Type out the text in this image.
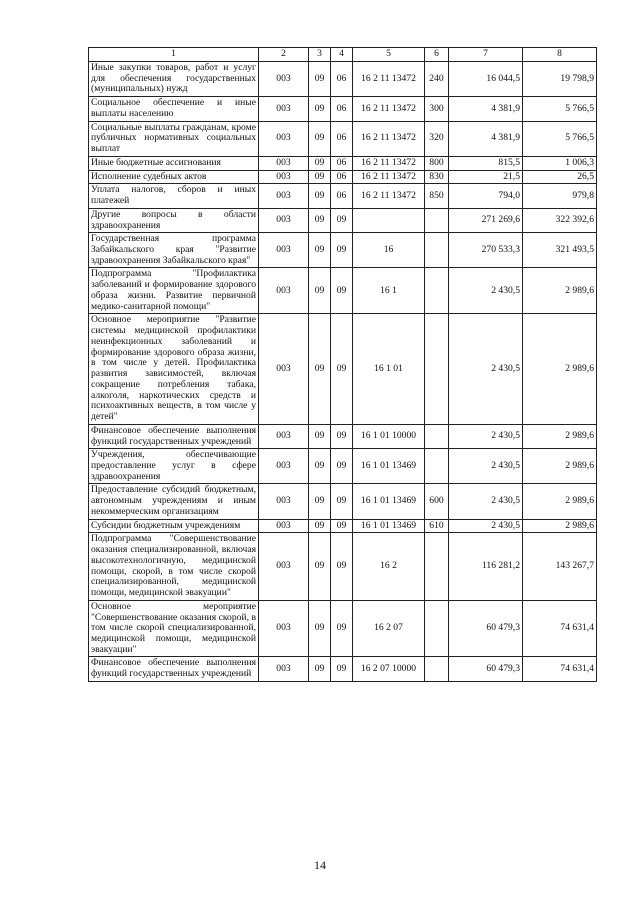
1	2	3	4	5	6	7	8
Иные закупки товаров, работ и услуг для обеспечения государственных (муниципальных) нужд	003	09	06	16 2 11 13472	240	16 044,5	19 798,9
Социальное обеспечение и иные выплаты населению	003	09	06	16 2 11 13472	300	4 381,9	5 766,5
Социальные выплаты гражданам, кроме публичных нормативных социальных выплат	003	09	06	16 2 11 13472	320	4 381,9	5 766,5
Иные бюджетные ассигнования	003	09	06	16 2 11 13472	800	815,5	1 006,3
Исполнение судебных актов	003	09	06	16 2 11 13472	830	21,5	26,5
Уплата налогов, сборов и иных платежей	003	09	06	16 2 11 13472	850	794,0	979,8
Другие вопросы в области здравоохранения	003	09	09			271 269,6	322 392,6
Государственная программа Забайкальского края "Развитие здравоохранения Забайкальского края"	003	09	09	16		270 533,3	321 493,5
Подпрограмма "Профилактика заболеваний и формирование здорового образа жизни. Развитие первичной медико-санитарной помощи"	003	09	09	16 1		2 430,5	2 989,6
Основное мероприятие "Развитие системы медицинской профилактики неинфекционных заболеваний и формирование здорового образа жизни, в том числе у детей. Профилактика развития зависимостей, включая сокращение потребления табака, алкоголя, наркотических средств и психоактивных веществ, в том числе у детей"	003	09	09	16 1 01		2 430,5	2 989,6
Финансовое обеспечение выполнения функций государственных учреждений	003	09	09	16 1 01 10000		2 430,5	2 989,6
Учреждения, обеспечивающие предоставление услуг в сфере здравоохранения	003	09	09	16 1 01 13469		2 430,5	2 989,6
Предоставление субсидий бюджетным, автономным учреждениям и иным некоммерческим организациям	003	09	09	16 1 01 13469	600	2 430,5	2 989,6
Субсидии бюджетным учреждениям	003	09	09	16 1 01 13469	610	2 430,5	2 989,6
Подпрограмма "Совершенствование оказания специализированной, включая высокотехнологичную, медицинской помощи, скорой, в том числе скорой специализированной, медицинской помощи, медицинской эвакуации"	003	09	09	16 2		116 281,2	143 267,7
Основное мероприятие "Совершенствование оказания скорой, в том числе скорой специализированной, медицинской помощи, медицинской эвакуации"	003	09	09	16 2 07		60 479,3	74 631,4
Финансовое обеспечение выполнения функций государственных учреждений	003	09	09	16 2 07 10000		60 479,3	74 631,4
14
